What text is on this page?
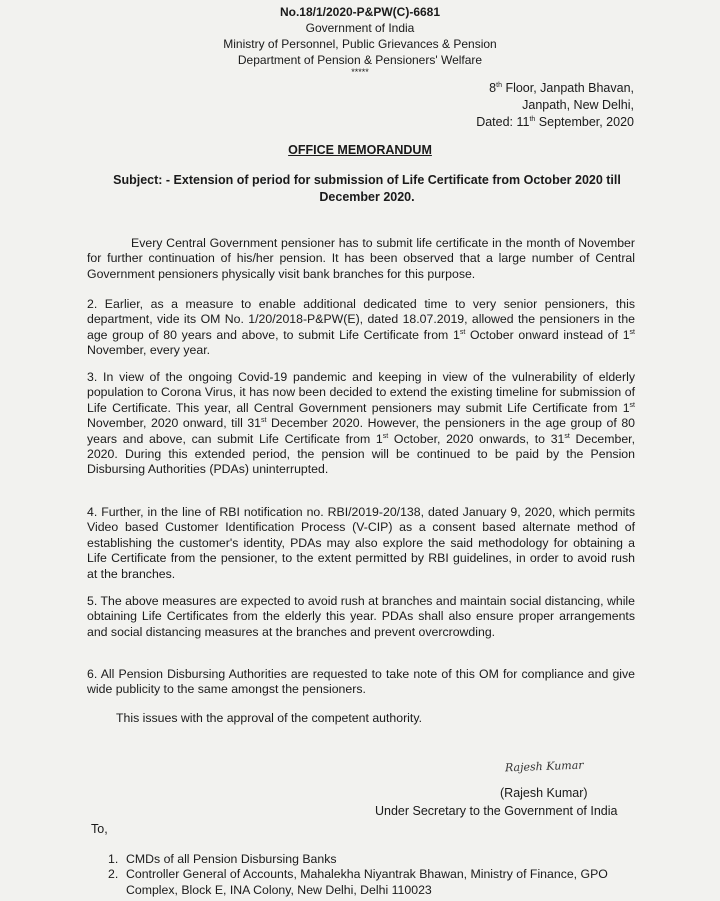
No.18/1/2020-P&PW(C)-6681
Government of India
Ministry of Personnel, Public Grievances & Pension
Department of Pension & Pensioners' Welfare
*****
8th Floor, Janpath Bhavan,
Janpath, New Delhi,
Dated: 11th September, 2020
OFFICE MEMORANDUM
Subject: - Extension of period for submission of Life Certificate from October 2020 till December 2020.

Every Central Government pensioner has to submit life certificate in the month of November for further continuation of his/her pension. It has been observed that a large number of Central Government pensioners physically visit bank branches for this purpose.

2. Earlier, as a measure to enable additional dedicated time to very senior pensioners, this department, vide its OM No. 1/20/2018-P&PW(E), dated 18.07.2019, allowed the pensioners in the age group of 80 years and above, to submit Life Certificate from 1st October onward instead of 1st November, every year.

3. In view of the ongoing Covid-19 pandemic and keeping in view of the vulnerability of elderly population to Corona Virus, it has now been decided to extend the existing timeline for submission of Life Certificate. This year, all Central Government pensioners may submit Life Certificate from 1st November, 2020 onward, till 31st December 2020. However, the pensioners in the age group of 80 years and above, can submit Life Certificate from 1st October, 2020 onwards, to 31st December, 2020. During this extended period, the pension will be continued to be paid by the Pension Disbursing Authorities (PDAs) uninterrupted.

4. Further, in the line of RBI notification no. RBI/2019-20/138, dated January 9, 2020, which permits Video based Customer Identification Process (V-CIP) as a consent based alternate method of establishing the customer's identity, PDAs may also explore the said methodology for obtaining a Life Certificate from the pensioner, to the extent permitted by RBI guidelines, in order to avoid rush at the branches.

5. The above measures are expected to avoid rush at branches and maintain social distancing, while obtaining Life Certificates from the elderly this year. PDAs shall also ensure proper arrangements and social distancing measures at the branches and prevent overcrowding.

6. All Pension Disbursing Authorities are requested to take note of this OM for compliance and give wide publicity to the same amongst the pensioners.

This issues with the approval of the competent authority.

Rajesh Kumar
(Rajesh Kumar)
Under Secretary to the Government of India
To,
1. CMDs of all Pension Disbursing Banks
2. Controller General of Accounts, Mahalekha Niyantrak Bhawan, Ministry of Finance, GPO Complex, Block E, INA Colony, New Delhi, Delhi 110023
